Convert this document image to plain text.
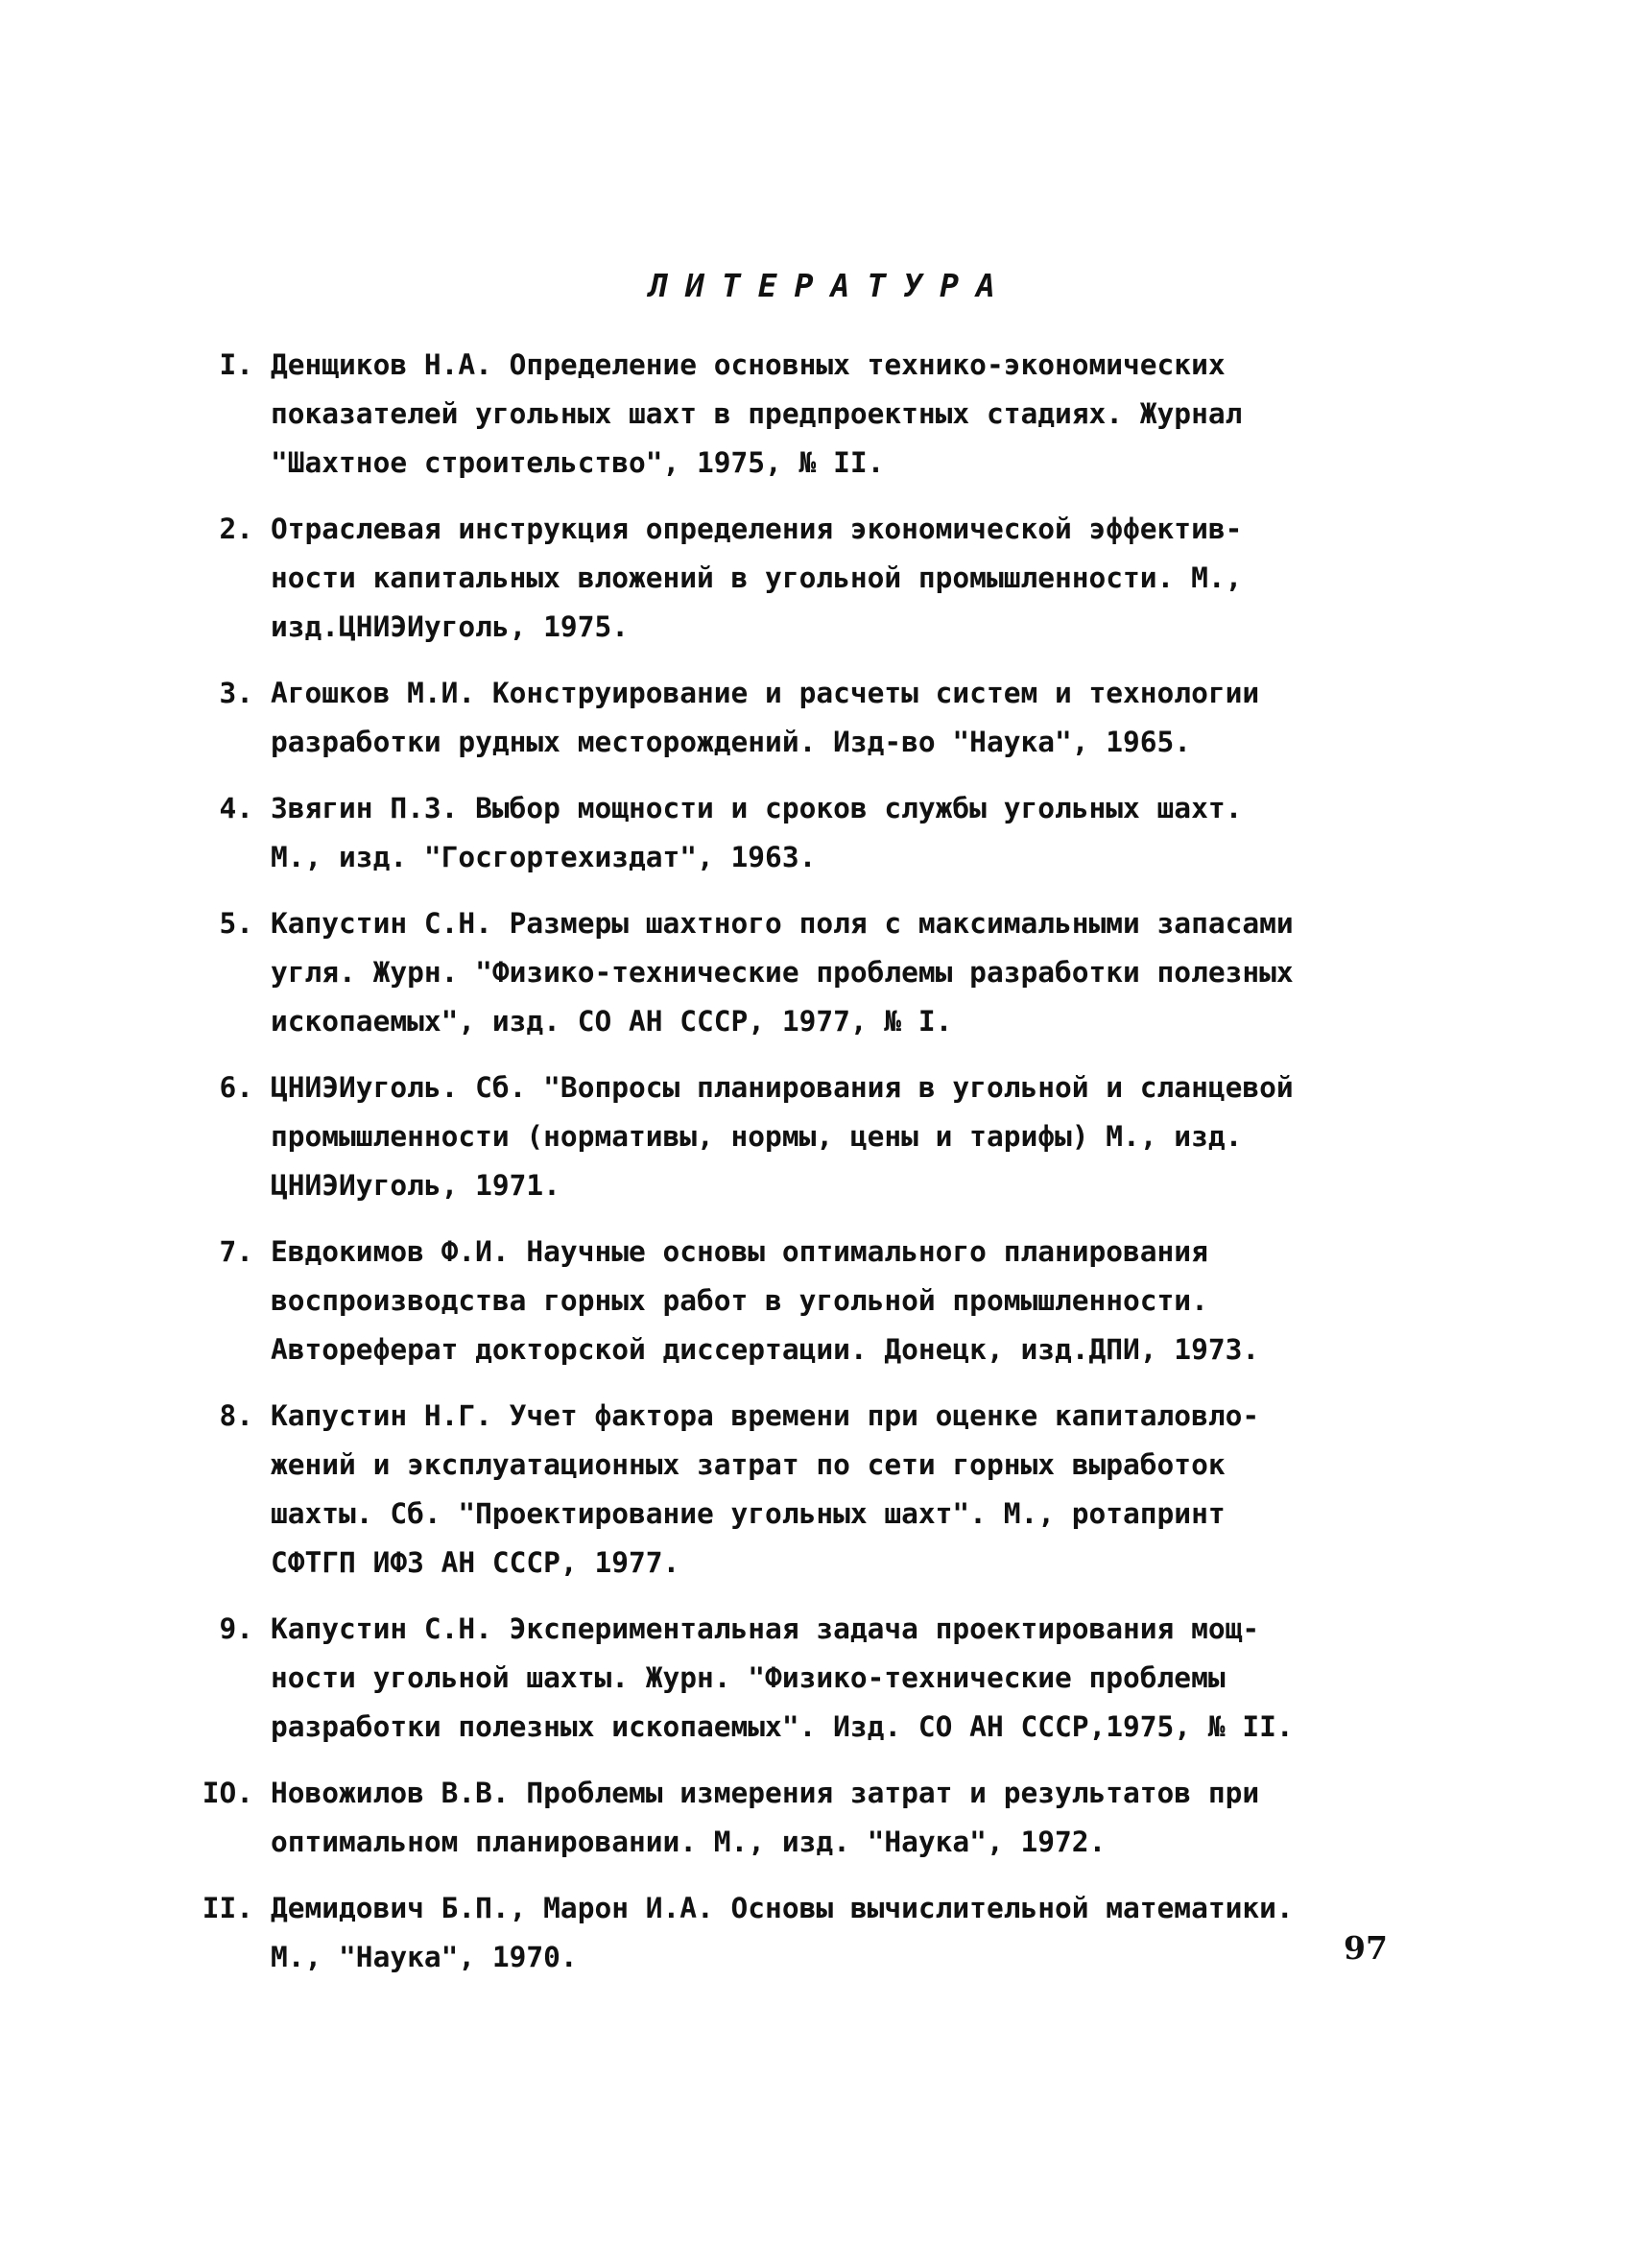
ЛИТЕРАТУРА
I. Денщиков Н.А. Определение основных технико-экономических
показателей угольных шахт в предпроектных стадиях. Журнал
"Шахтное строительство", 1975, № II.
2. Отраслевая инструкция определения экономической эффектив-
ности капитальных вложений в угольной промышленности. М.,
изд.ЦНИЭИуголь, 1975.
3. Агошков М.И. Конструирование и расчеты систем и технологии
разработки рудных месторождений. Изд-во "Наука", 1965.
4. Звягин П.З. Выбор мощности и сроков службы угольных шахт.
М., изд. "Госгортехиздат", 1963.
5. Капустин С.Н. Размеры шахтного поля с максимальными запасами
угля. Журн. "Физико-технические проблемы разработки полезных
ископаемых", изд. СО АН СССР, 1977, № I.
6. ЦНИЭИуголь. Сб. "Вопросы планирования в угольной и сланцевой
промышленности (нормативы, нормы, цены и тарифы) М., изд.
ЦНИЭИуголь, 1971.
7. Евдокимов Ф.И. Научные основы оптимального планирования
воспроизводства горных работ в угольной промышленности.
Автореферат докторской диссертации. Донецк, изд.ДПИ, 1973.
8. Капустин Н.Г. Учет фактора времени при оценке капиталовло-
жений и эксплуатационных затрат по сети горных выработок
шахты. Сб. "Проектирование угольных шахт". М., ротапринт
СФТГП ИФЗ АН СССР, 1977.
9. Капустин С.Н. Экспериментальная задача проектирования мощ-
ности угольной шахты. Журн. "Физико-технические проблемы
разработки полезных ископаемых". Изд. СО АН СССР,1975, № II.
IO. Новожилов В.В. Проблемы измерения затрат и результатов при
оптимальном планировании. М., изд. "Наука", 1972.
II. Демидович Б.П., Марон И.А. Основы вычислительной математики.
М., "Наука", 1970.	97
